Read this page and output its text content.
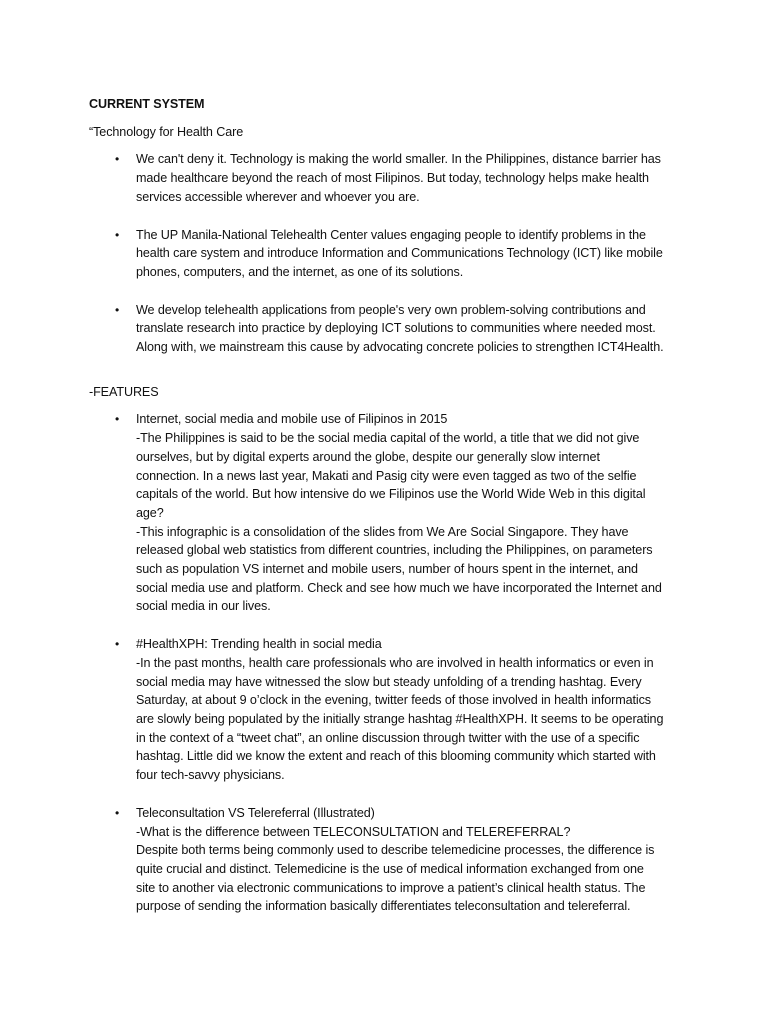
CURRENT SYSTEM
“Technology for Health Care
• We can't deny it. Technology is making the world smaller. In the Philippines, distance barrier has
made healthcare beyond the reach of most Filipinos. But today, technology helps make health
services accessible wherever and whoever you are.
• The UP Manila-National Telehealth Center values engaging people to identify problems in the
health care system and introduce Information and Communications Technology (ICT) like mobile
phones, computers, and the internet, as one of its solutions.
• We develop telehealth applications from people's very own problem-solving contributions and
translate research into practice by deploying ICT solutions to communities where needed most.
Along with, we mainstream this cause by advocating concrete policies to strengthen ICT4Health.
-FEATURES
• Internet, social media and mobile use of Filipinos in 2015
-The Philippines is said to be the social media capital of the world, a title that we did not give
ourselves, but by digital experts around the globe, despite our generally slow internet
connection. In a news last year, Makati and Pasig city were even tagged as two of the selfie
capitals of the world. But how intensive do we Filipinos use the World Wide Web in this digital
age?
-This infographic is a consolidation of the slides from We Are Social Singapore. They have
released global web statistics from different countries, including the Philippines, on parameters
such as population VS internet and mobile users, number of hours spent in the internet, and
social media use and platform. Check and see how much we have incorporated the Internet and
social media in our lives.
• #HealthXPH: Trending health in social media
-In the past months, health care professionals who are involved in health informatics or even in
social media may have witnessed the slow but steady unfolding of a trending hashtag. Every
Saturday, at about 9 o’clock in the evening, twitter feeds of those involved in health informatics
are slowly being populated by the initially strange hashtag #HealthXPH. It seems to be operating
in the context of a “tweet chat”, an online discussion through twitter with the use of a specific
hashtag. Little did we know the extent and reach of this blooming community which started with
four tech-savvy physicians.
• Teleconsultation VS Telereferral (Illustrated)
-What is the difference between TELECONSULTATION and TELEREFERRAL?
Despite both terms being commonly used to describe telemedicine processes, the difference is
quite crucial and distinct. Telemedicine is the use of medical information exchanged from one
site to another via electronic communications to improve a patient’s clinical health status. The
purpose of sending the information basically differentiates teleconsultation and telereferral.
